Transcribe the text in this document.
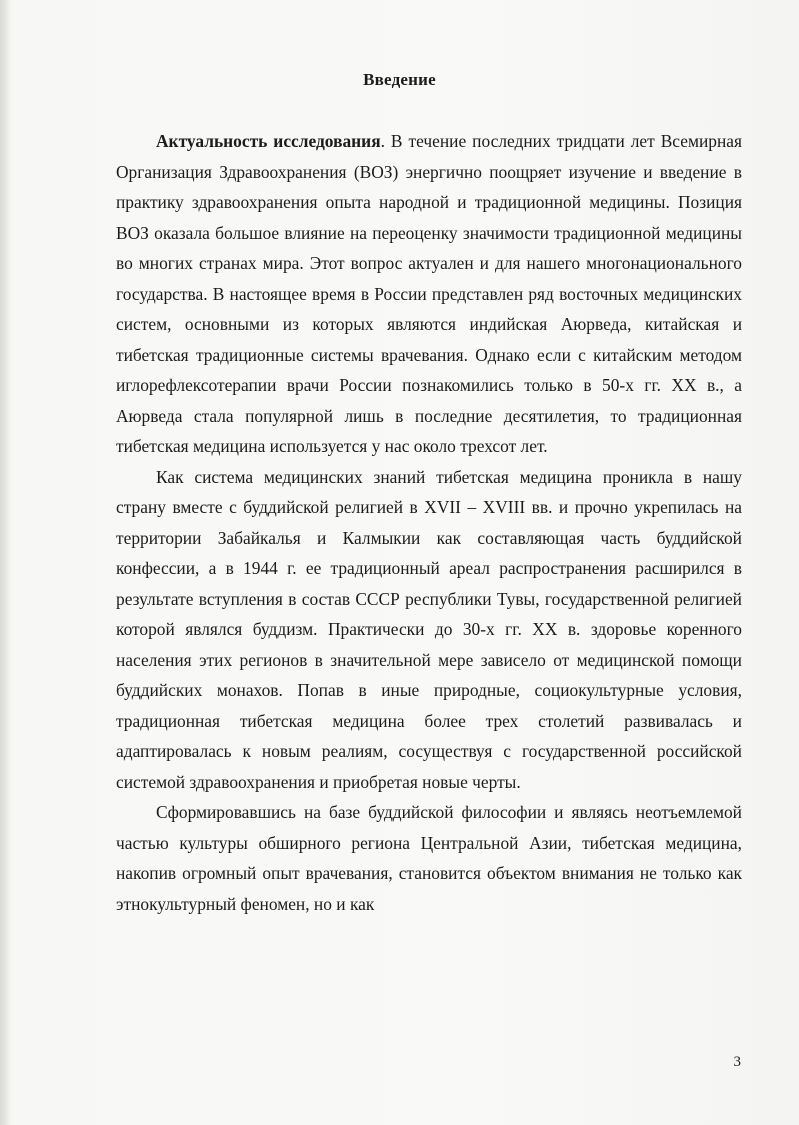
Введение

Актуальность исследования. В течение последних тридцати лет Всемирная Организация Здравоохранения (ВОЗ) энергично поощряет изучение и введение в практику здравоохранения опыта народной и традиционной медицины. Позиция ВОЗ оказала большое влияние на переоценку значимости традиционной медицины во многих странах мира. Этот вопрос актуален и для нашего многонационального государства. В настоящее время в России представлен ряд восточных медицинских систем, основными из которых являются индийская Аюрведа, китайская и тибетская традиционные системы врачевания. Однако если с китайским методом иглорефлексотерапии врачи России познакомились только в 50-х гг. XX в., а Аюрведа стала популярной лишь в последние десятилетия, то традиционная тибетская медицина используется у нас около трехсот лет.

Как система медицинских знаний тибетская медицина проникла в нашу страну вместе с буддийской религией в XVII – XVIII вв. и прочно укрепилась на территории Забайкалья и Калмыкии как составляющая часть буддийской конфессии, а в 1944 г. ее традиционный ареал распространения расширился в результате вступления в состав СССР республики Тувы, государственной религией которой являлся буддизм. Практически до 30-х гг. XX в. здоровье коренного населения этих регионов в значительной мере зависело от медицинской помощи буддийских монахов. Попав в иные природные, социокультурные условия, традиционная тибетская медицина более трех столетий развивалась и адаптировалась к новым реалиям, сосуществуя с государственной российской системой здравоохранения и приобретая новые черты.

Сформировавшись на базе буддийской философии и являясь неотъемлемой частью культуры обширного региона Центральной Азии, тибетская медицина, накопив огромный опыт врачевания, становится объектом внимания не только как этнокультурный феномен, но и как

3
